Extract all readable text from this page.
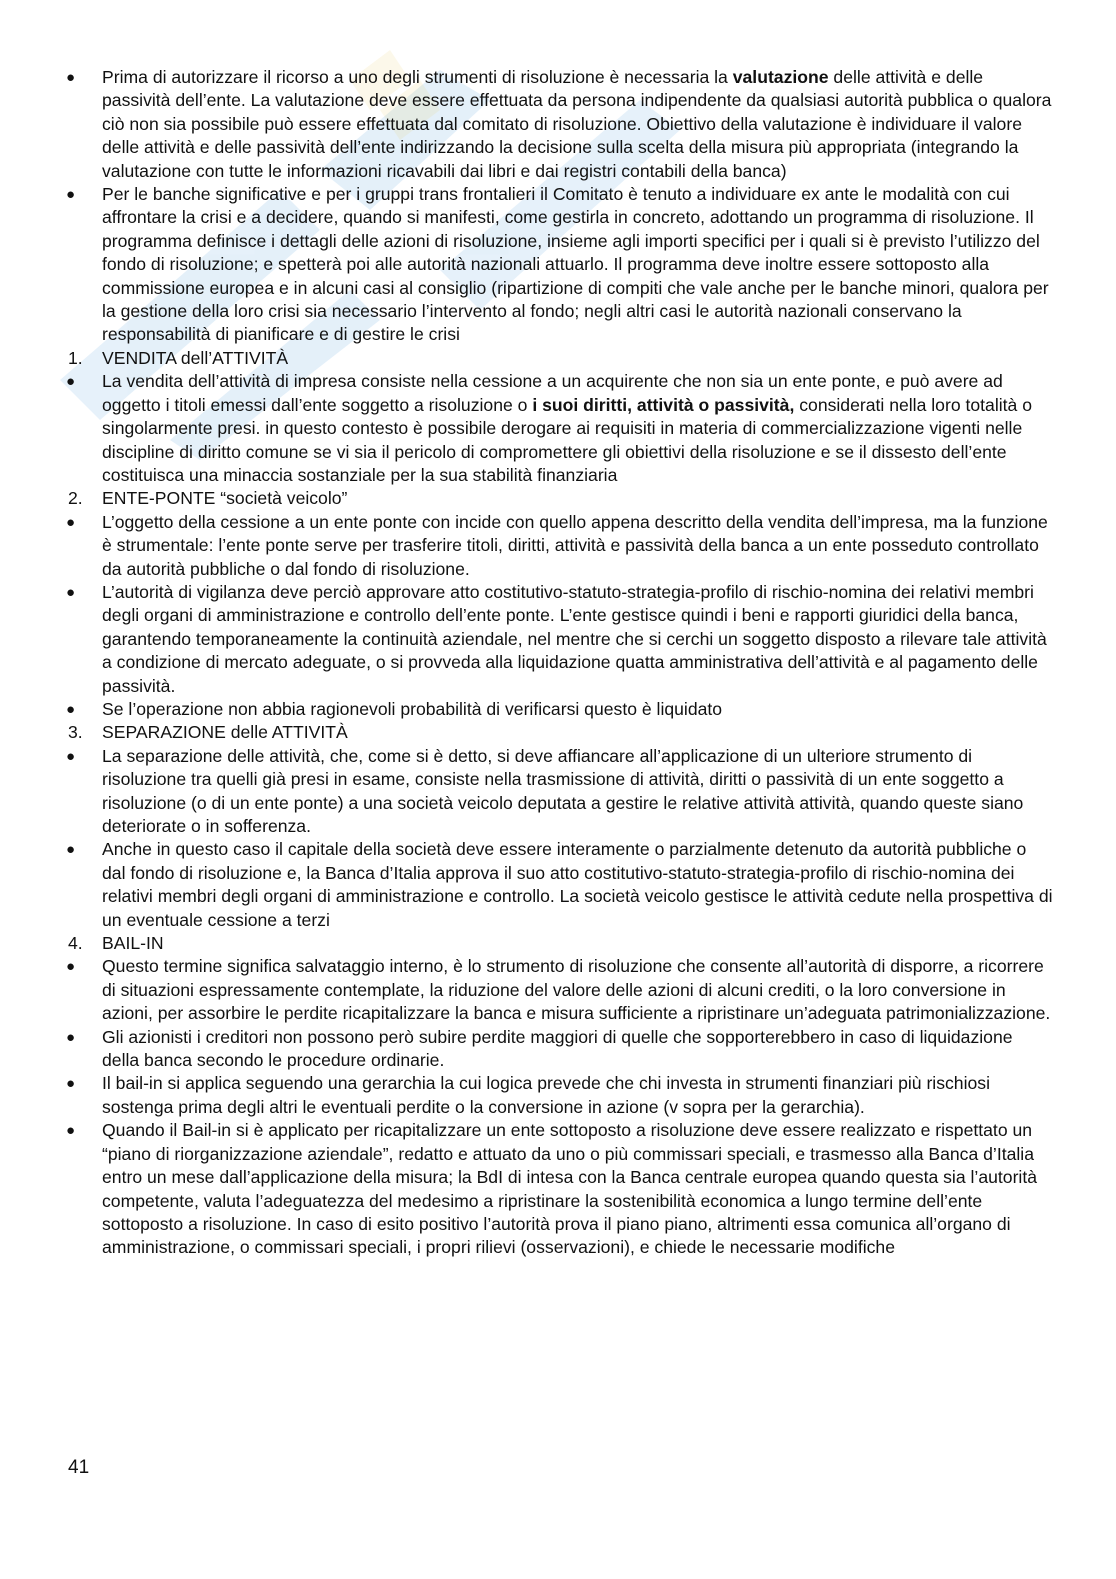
●	Prima di autorizzare il ricorso a uno degli strumenti di risoluzione è necessaria la valutazione delle attività e delle passività dell’ente. La valutazione deve essere effettuata da persona indipendente da qualsiasi autorità pubblica o qualora ciò non sia possibile può essere effettuata dal comitato di risoluzione. Obiettivo della valutazione è individuare il valore delle attività e delle passività dell’ente indirizzando la decisione sulla scelta della misura più appropriata (integrando la valutazione con tutte le informazioni ricavabili dai libri e dai registri contabili della banca)

●	Per le banche significative e per i gruppi trans frontalieri il Comitato è tenuto a individuare ex ante le modalità con cui affrontare la crisi e a decidere, quando si manifesti, come gestirla in concreto, adottando un programma di risoluzione. Il programma definisce i dettagli delle azioni di risoluzione, insieme agli importi specifici per i quali si è previsto l’utilizzo del fondo di risoluzione; e spetterà poi alle autorità nazionali attuarlo. Il programma deve inoltre essere sottoposto alla commissione europea e in alcuni casi al consiglio (ripartizione di compiti che vale anche per le banche minori, qualora per la gestione della loro crisi sia necessario l’intervento al fondo; negli altri casi le autorità nazionali conservano la responsabilità di pianificare e di gestire le crisi

1.	VENDITA dell’ATTIVITÀ

●	La vendita dell’attività di impresa consiste nella cessione a un acquirente che non sia un ente ponte, e può avere ad oggetto i titoli emessi dall’ente soggetto a risoluzione o i suoi diritti, attività o passività, considerati nella loro totalità o singolarmente presi. in questo contesto è possibile derogare ai requisiti in materia di commercializzazione vigenti nelle discipline di diritto comune se vi sia il pericolo di compromettere gli obiettivi della risoluzione e se il dissesto dell’ente costituisca una minaccia sostanziale per la sua stabilità finanziaria

2.	ENTE-PONTE “società veicolo”

●	L’oggetto della cessione a un ente ponte con incide con quello appena descritto della vendita dell’impresa, ma la funzione è strumentale: l’ente ponte serve per trasferire titoli, diritti, attività e passività della banca a un ente posseduto controllato da autorità pubbliche o dal fondo di risoluzione.

●	L’autorità di vigilanza deve perciò approvare atto costitutivo-statuto-strategia-profilo di rischio-nomina dei relativi membri degli organi di amministrazione e controllo dell’ente ponte. L’ente gestisce quindi i beni e rapporti giuridici della banca, garantendo temporaneamente la continuità aziendale, nel mentre che si cerchi un soggetto disposto a rilevare tale attività a condizione di mercato adeguate, o si provveda alla liquidazione quatta amministrativa dell’attività e al pagamento delle passività.

●	Se l’operazione non abbia ragionevoli probabilità di verificarsi questo è liquidato

3.	SEPARAZIONE delle ATTIVITÀ

●	La separazione delle attività, che, come si è detto, si deve affiancare all’applicazione di un ulteriore strumento di risoluzione tra quelli già presi in esame, consiste nella trasmissione di attività, diritti o passività di un ente soggetto a risoluzione (o di un ente ponte) a una società veicolo deputata a gestire le relative attività attività, quando queste siano deteriorate o in sofferenza.

●	Anche in questo caso il capitale della società deve essere interamente o parzialmente detenuto da autorità pubbliche o dal fondo di risoluzione e, la Banca d’Italia approva il suo atto costitutivo-statuto-strategia-profilo di rischio-nomina dei relativi membri degli organi di amministrazione e controllo. La società veicolo gestisce le attività cedute nella prospettiva di un eventuale cessione a terzi

4.	BAIL-IN

●	Questo termine significa salvataggio interno, è lo strumento di risoluzione che consente all’autorità di disporre, a ricorrere di situazioni espressamente contemplate, la riduzione del valore delle azioni di alcuni crediti, o la loro conversione in azioni, per assorbire le perdite ricapitalizzare la banca e misura sufficiente a ripristinare un’adeguata patrimonializzazione.

●	Gli azionisti i creditori non possono però subire perdite maggiori di quelle che sopporterebbero in caso di liquidazione della banca secondo le procedure ordinarie.

●	Il bail-in si applica seguendo una gerarchia la cui logica prevede che chi investa in strumenti finanziari più rischiosi sostenga prima degli altri le eventuali perdite o la conversione in azione (v sopra per la gerarchia).

●	Quando il Bail-in si è applicato per ricapitalizzare un ente sottoposto a risoluzione deve essere realizzato e rispettato un “piano di riorganizzazione aziendale”, redatto e attuato da uno o più commissari speciali, e trasmesso alla Banca d’Italia entro un mese dall’applicazione della misura; la BdI di intesa con la Banca centrale europea quando questa sia l’autorità competente, valuta l’adeguatezza del medesimo a ripristinare la sostenibilità economica a lungo termine dell’ente sottoposto a risoluzione. In caso di esito positivo l’autorità prova il piano piano, altrimenti essa comunica all’organo di amministrazione, o commissari speciali, i propri rilievi (osservazioni), e chiede le necessarie modifiche

41
